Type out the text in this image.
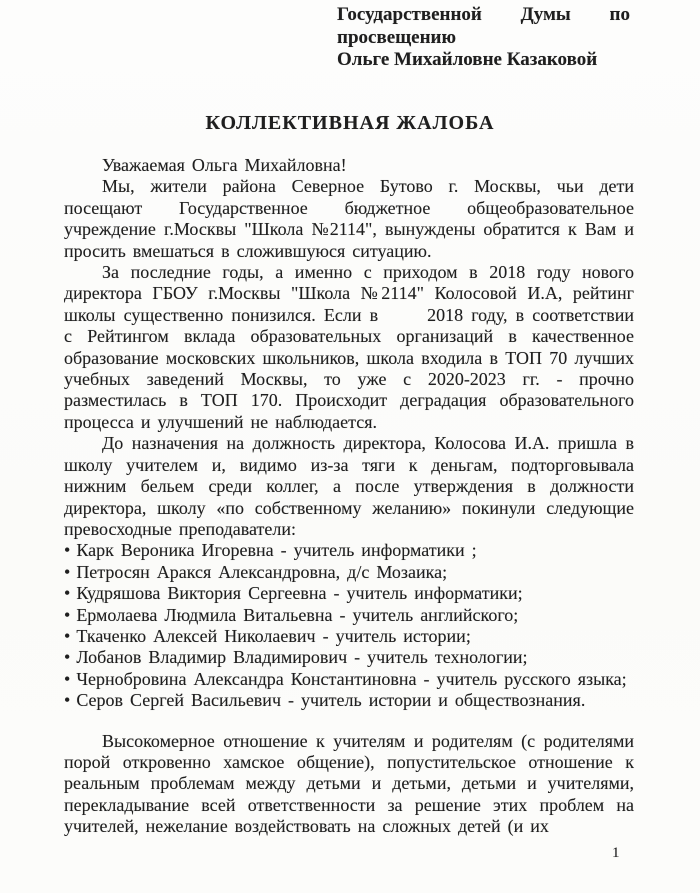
Государственной Думы по
просвещению
Ольге Михайловне Казаковой
КОЛЛЕКТИВНАЯ ЖАЛОБА

Уважаемая Ольга Михайловна!

Мы, жители района Северное Бутово г. Москвы, чьи дети посещают Государственное бюджетное общеобразовательное учреждение г.Москвы "Школа №2114", вынуждены обратится к Вам и просить вмешаться в сложившуюся ситуацию.

За последние годы, а именно с приходом в 2018 году нового директора ГБОУ г.Москвы "Школа №2114" Колосовой И.А, рейтинг школы существенно понизился. Если в      2018 году, в соответствии с Рейтингом вклада образовательных организаций в качественное образование московских школьников, школа входила в ТОП 70 лучших учебных заведений Москвы, то уже с 2020-2023 гг. - прочно разместилась в ТОП 170. Происходит деградация образовательного процесса и улучшений не наблюдается.

До назначения на должность директора, Колосова И.А. пришла в школу учителем и, видимо из-за тяги к деньгам, подторговывала нижним бельем среди коллег, а после утверждения в должности директора, школу «по собственному желанию» покинули следующие превосходные преподаватели:

• Карк Вероника Игоревна - учитель информатики ;
• Петросян Аракся Александровна, д/с Мозаика;
• Кудряшова Виктория Сергеевна - учитель информатики;
• Ермолаева Людмила Витальевна - учитель английского;
• Ткаченко Алексей Николаевич - учитель истории;
• Лобанов Владимир Владимирович - учитель технологии;
• Чернобровина Александра Константиновна - учитель русского языка;
• Серов Сергей Васильевич - учитель истории и обществознания.

Высокомерное отношение к учителям и родителям (с родителями порой откровенно хамское общение), попустительское отношение к реальным проблемам между детьми и детьми, детьми и учителями, перекладывание всей ответственности за решение этих проблем на учителей, нежелание воздействовать на сложных детей (и их

1
